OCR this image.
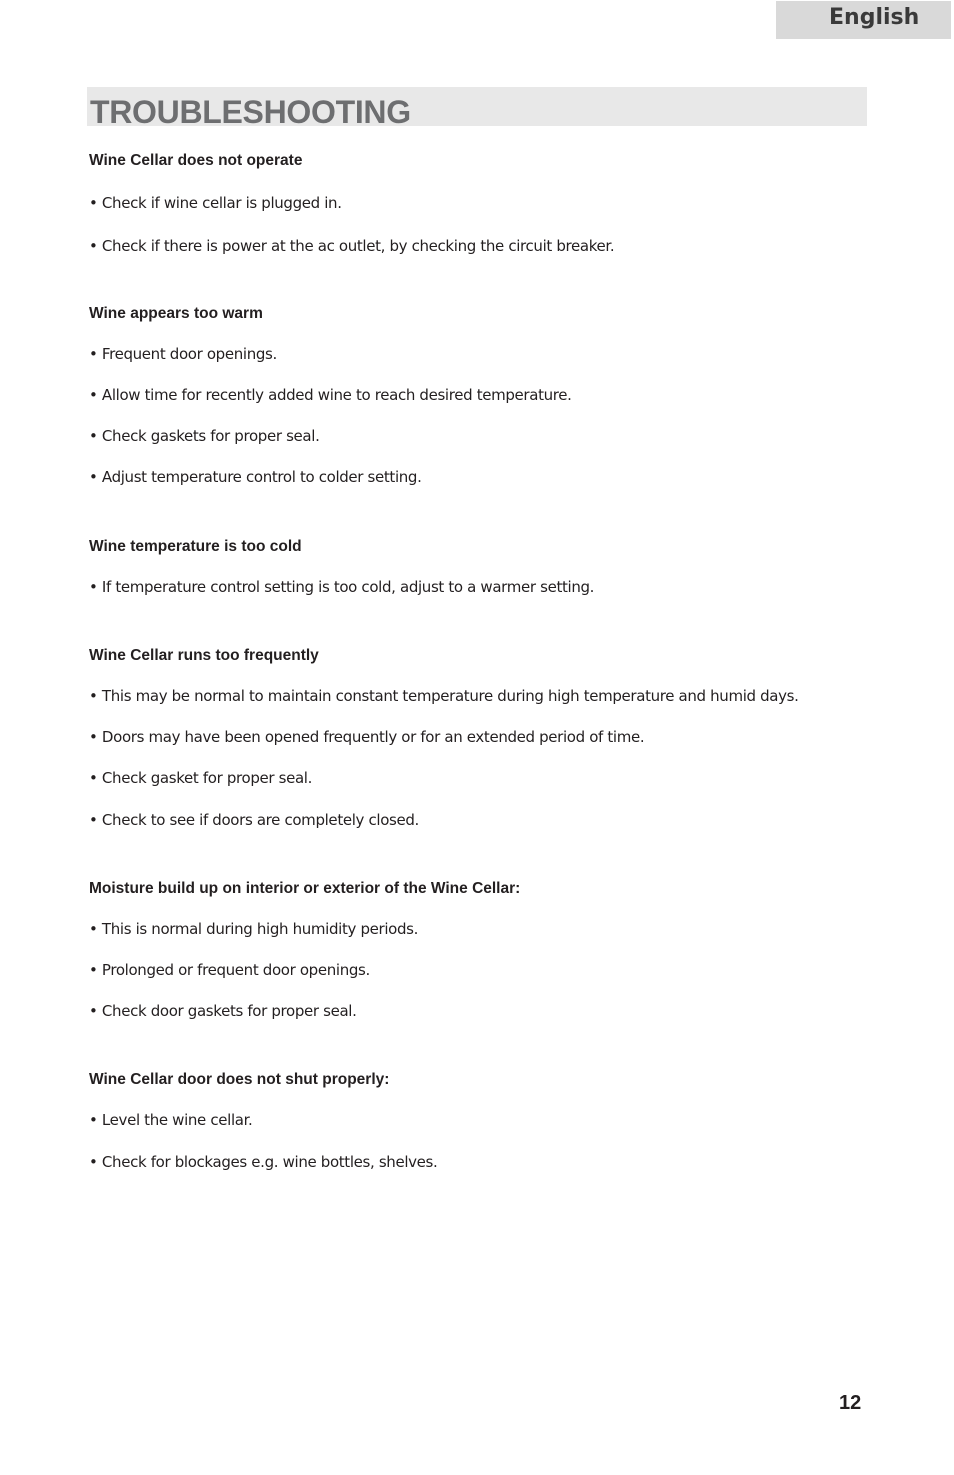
English
TROUBLESHOOTING
Wine Cellar does not operate
• Check if wine cellar is plugged in.
• Check if there is power at the ac outlet, by checking the circuit breaker.
Wine appears too warm
• Frequent door openings.
• Allow time for recently added wine to reach desired temperature.
• Check gaskets for proper seal.
• Adjust temperature control to colder setting.
Wine temperature is too cold
• If temperature control setting is too cold, adjust to a warmer setting.
Wine Cellar runs too frequently
• This may be normal to maintain constant temperature during high temperature and humid days.
• Doors may have been opened frequently or for an extended period of time.
• Check gasket for proper seal.
• Check to see if doors are completely closed.
Moisture build up on interior or exterior of the Wine Cellar:
• This is normal during high humidity periods.
• Prolonged or frequent door openings.
• Check door gaskets for proper seal.
Wine Cellar door does not shut properly:
• Level the wine cellar.
• Check for blockages e.g. wine bottles, shelves.
12
